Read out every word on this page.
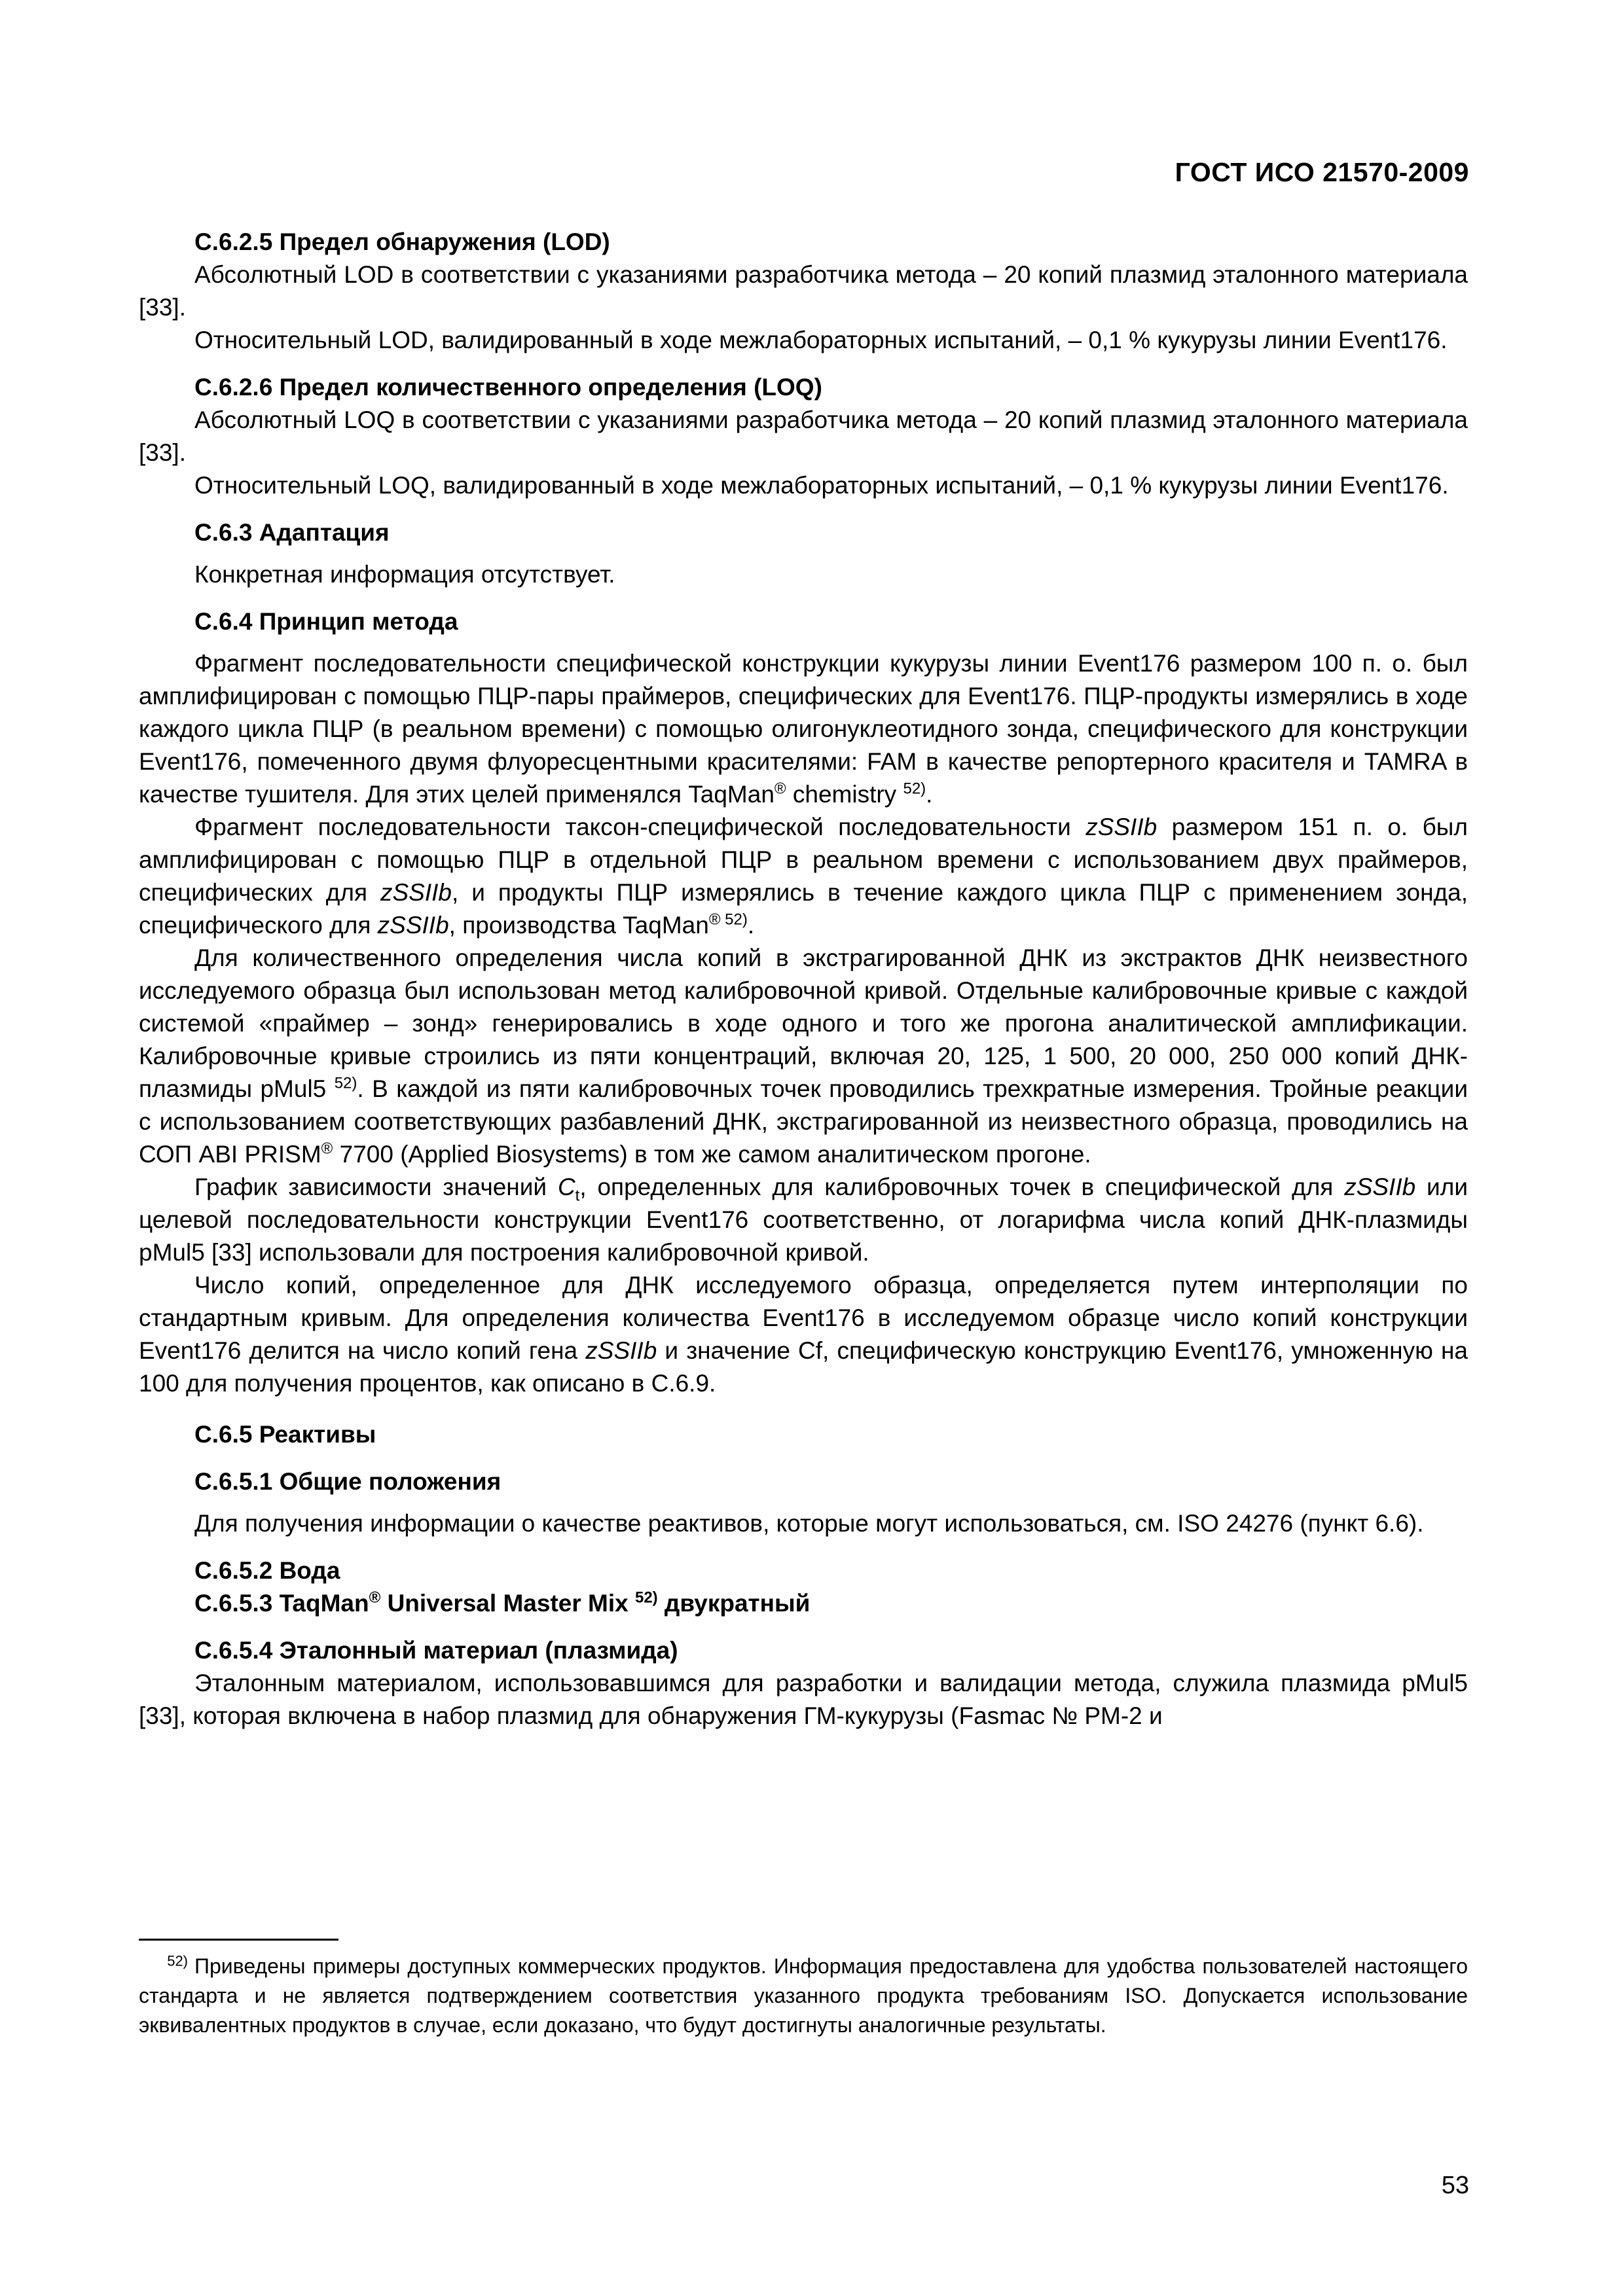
ГОСТ ИСО 21570-2009

С.6.2.5 Предел обнаружения (LOD)

Абсолютный LOD в соответствии с указаниями разработчика метода – 20 копий плазмид эталонного материала [33].

Относительный LOD, валидированный в ходе межлабораторных испытаний, – 0,1 % кукурузы линии Event176.

С.6.2.6 Предел количественного определения (LOQ)

Абсолютный LOQ в соответствии с указаниями разработчика метода – 20 копий плазмид эталонного материала [33].

Относительный LOQ, валидированный в ходе межлабораторных испытаний, – 0,1 % кукурузы линии Event176.

С.6.3 Адаптация

Конкретная информация отсутствует.

С.6.4 Принцип метода

Фрагмент последовательности специфической конструкции кукурузы линии Event176 размером 100 п. о. был амплифицирован с помощью ПЦР-пары праймеров, специфических для Event176. ПЦР-продукты измерялись в ходе каждого цикла ПЦР (в реальном времени) с помощью олигонуклеотидного зонда, специфического для конструкции Event176, помеченного двумя флуоресцентными красителями: FAM в качестве репортерного красителя и TAMRA в качестве тушителя. Для этих целей применялся TaqMan® chemistry $^{52)}$.

Фрагмент последовательности таксон-специфической последовательности zSSIIb размером 151 п. о. был амплифицирован с помощью ПЦР в отдельной ПЦР в реальном времени с использованием двух праймеров, специфических для zSSIIb, и продукты ПЦР измерялись в течение каждого цикла ПЦР с применением зонда, специфического для zSSIIb, производства TaqMan® $^{52)}$.

Для количественного определения числа копий в экстрагированной ДНК из экстрактов ДНК неизвестного исследуемого образца был использован метод калибровочной кривой. Отдельные калибровочные кривые с каждой системой «праймер – зонд» генерировались в ходе одного и того же прогона аналитической амплификации. Калибровочные кривые строились из пяти концентраций, включая 20, 125, 1 500, 20 000, 250 000 копий ДНК-плазмиды pMul5 $^{52)}$. В каждой из пяти калибровочных точек проводились трехкратные измерения. Тройные реакции с использованием соответствующих разбавлений ДНК, экстрагированной из неизвестного образца, проводились на СОП ABI PRISM® 7700 (Applied Biosystems) в том же самом аналитическом прогоне.

График зависимости значений $C_t$, определенных для калибровочных точек в специфической для zSSIIb или целевой последовательности конструкции Event176 соответственно, от логарифма числа копий ДНК-плазмиды pMul5 [33] использовали для построения калибровочной кривой.

Число копий, определенное для ДНК исследуемого образца, определяется путем интерполяции по стандартным кривым. Для определения количества Event176 в исследуемом образце число копий конструкции Event176 делится на число копий гена zSSIIb и значение Cf, специфическую конструкцию Event176, умноженную на 100 для получения процентов, как описано в С.6.9.

С.6.5 Реактивы

С.6.5.1 Общие положения

Для получения информации о качестве реактивов, которые могут использоваться, см. ISO 24276 (пункт 6.6).

С.6.5.2 Вода

С.6.5.3 TaqMan® Universal Master Mix $^{52)}$ двукратный

С.6.5.4 Эталонный материал (плазмида)

Эталонным материалом, использовавшимся для разработки и валидации метода, служила плазмида pMul5 [33], которая включена в набор плазмид для обнаружения ГМ-кукурузы (Fasmac № PM-2 и

$^{52)}$ Приведены примеры доступных коммерческих продуктов. Информация предоставлена для удобства пользователей настоящего стандарта и не является подтверждением соответствия указанного продукта требованиям ISO. Допускается использование эквивалентных продуктов в случае, если доказано, что будут достигнуты аналогичные результаты.
53
